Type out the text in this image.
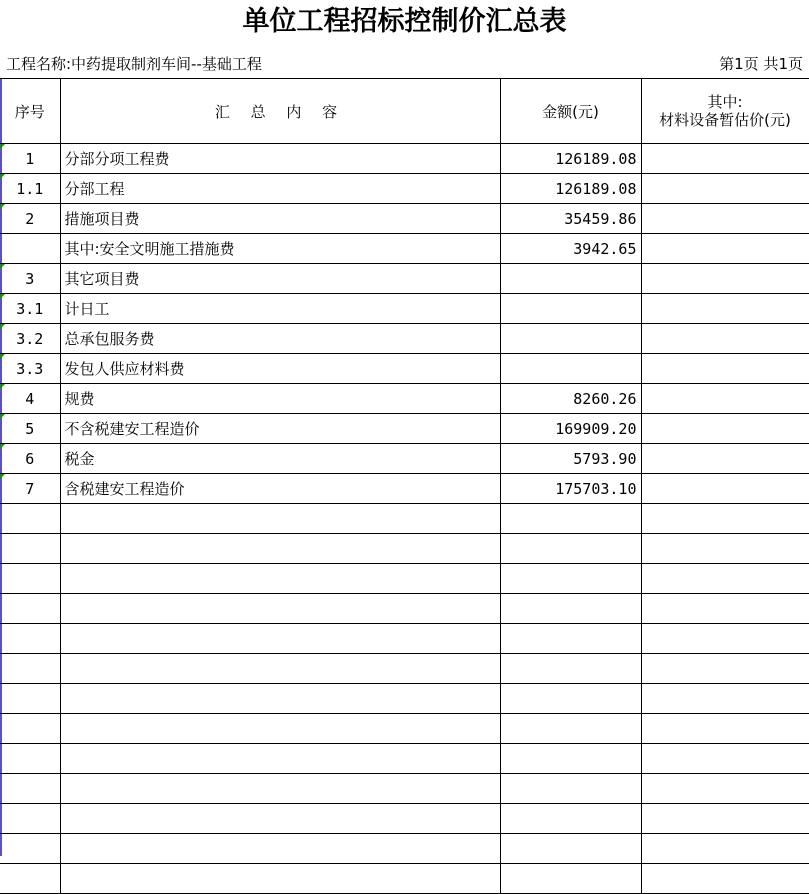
单位工程招标控制价汇总表
工程名称:中药提取制剂车间--基础工程	第1页 共1页
序号	汇 总 内 容	金额(元)	其中:
材料设备暂估价(元)

1	分部分项工程费	126189.08	

1.1	分部工程	126189.08	

2	措施项目费	35459.86	
	其中:安全文明施工措施费	3942.65	

3	其它项目费		

3.1	计日工		

3.2	总承包服务费		

3.3	发包人供应材料费		

4	规费	8260.26	

5	不含税建安工程造价	169909.20	

6	税金	5793.90	

7	含税建安工程造价	175703.10	
